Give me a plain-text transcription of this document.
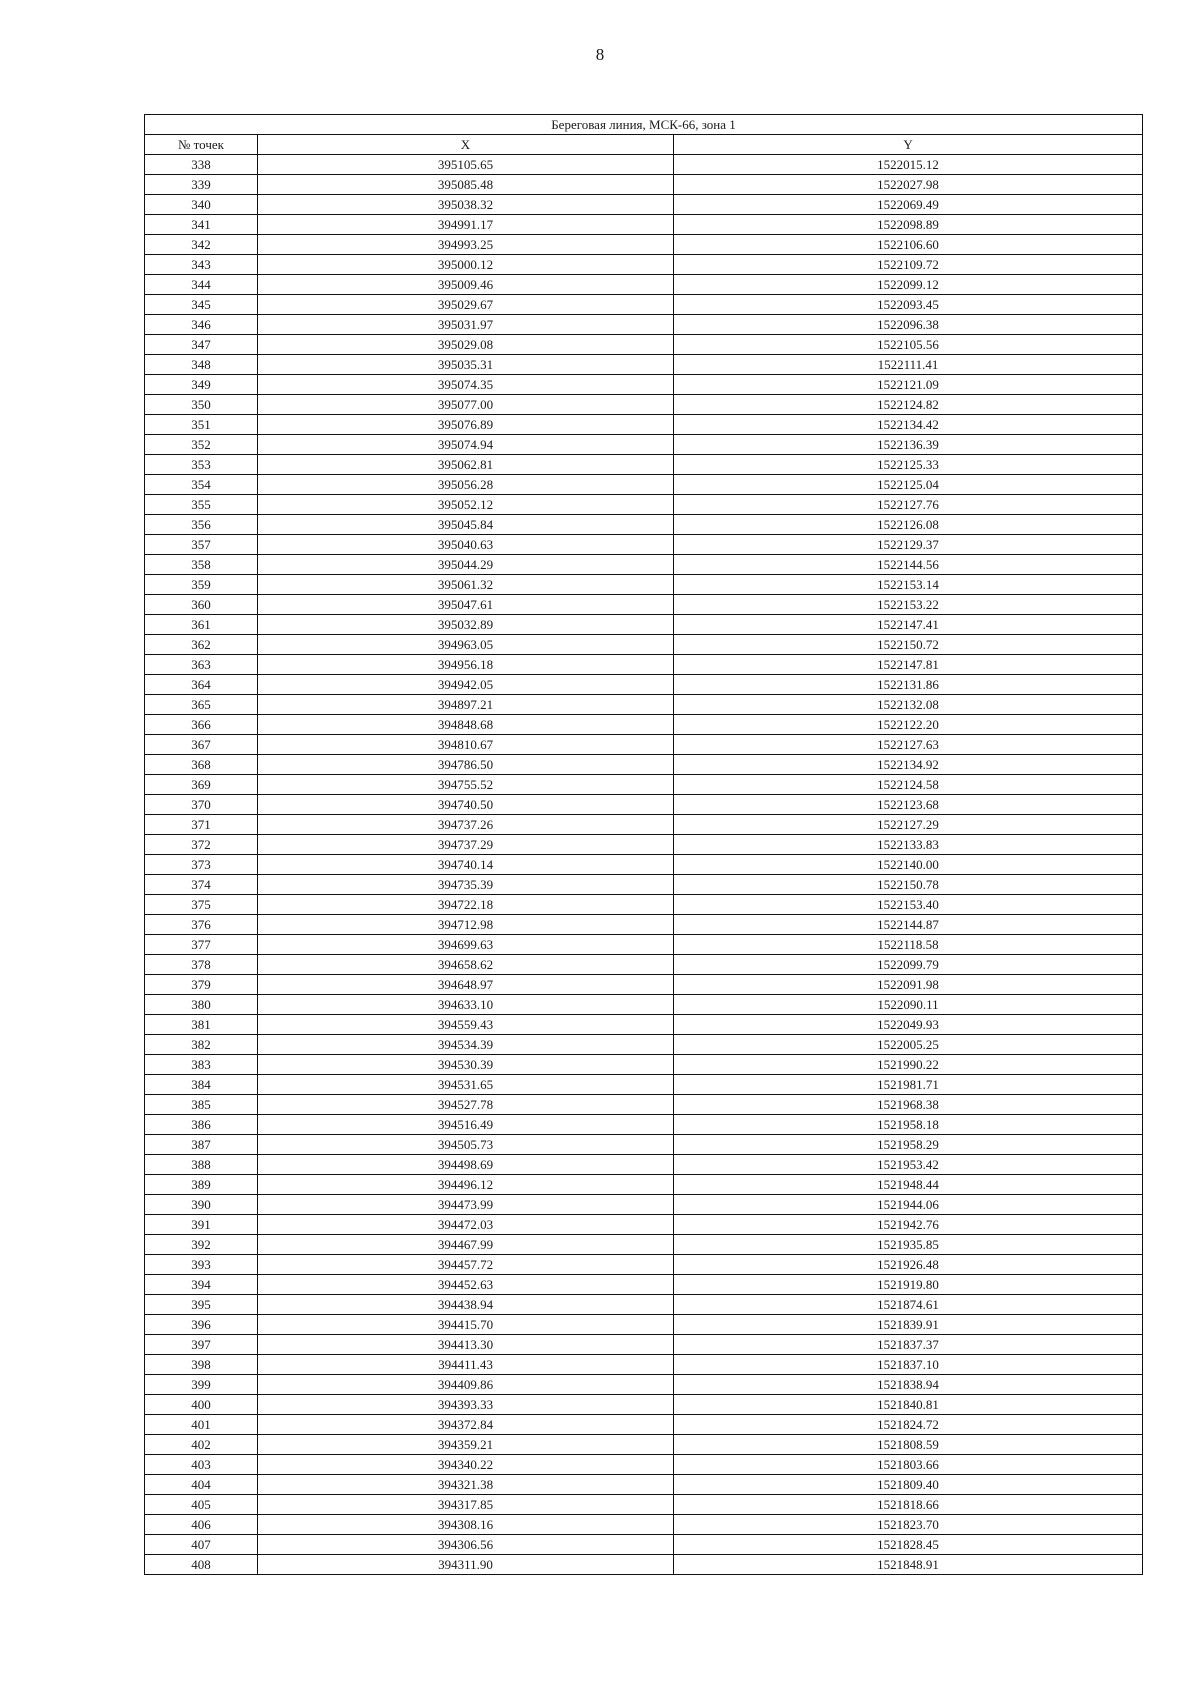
8
Береговая линия, МСК-66, зона 1		
№ точек	X	Y
338	395105.65	1522015.12
339	395085.48	1522027.98
340	395038.32	1522069.49
341	394991.17	1522098.89
342	394993.25	1522106.60
343	395000.12	1522109.72
344	395009.46	1522099.12
345	395029.67	1522093.45
346	395031.97	1522096.38
347	395029.08	1522105.56
348	395035.31	1522111.41
349	395074.35	1522121.09
350	395077.00	1522124.82
351	395076.89	1522134.42
352	395074.94	1522136.39
353	395062.81	1522125.33
354	395056.28	1522125.04
355	395052.12	1522127.76
356	395045.84	1522126.08
357	395040.63	1522129.37
358	395044.29	1522144.56
359	395061.32	1522153.14
360	395047.61	1522153.22
361	395032.89	1522147.41
362	394963.05	1522150.72
363	394956.18	1522147.81
364	394942.05	1522131.86
365	394897.21	1522132.08
366	394848.68	1522122.20
367	394810.67	1522127.63
368	394786.50	1522134.92
369	394755.52	1522124.58
370	394740.50	1522123.68
371	394737.26	1522127.29
372	394737.29	1522133.83
373	394740.14	1522140.00
374	394735.39	1522150.78
375	394722.18	1522153.40
376	394712.98	1522144.87
377	394699.63	1522118.58
378	394658.62	1522099.79
379	394648.97	1522091.98
380	394633.10	1522090.11
381	394559.43	1522049.93
382	394534.39	1522005.25
383	394530.39	1521990.22
384	394531.65	1521981.71
385	394527.78	1521968.38
386	394516.49	1521958.18
387	394505.73	1521958.29
388	394498.69	1521953.42
389	394496.12	1521948.44
390	394473.99	1521944.06
391	394472.03	1521942.76
392	394467.99	1521935.85
393	394457.72	1521926.48
394	394452.63	1521919.80
395	394438.94	1521874.61
396	394415.70	1521839.91
397	394413.30	1521837.37
398	394411.43	1521837.10
399	394409.86	1521838.94
400	394393.33	1521840.81
401	394372.84	1521824.72
402	394359.21	1521808.59
403	394340.22	1521803.66
404	394321.38	1521809.40
405	394317.85	1521818.66
406	394308.16	1521823.70
407	394306.56	1521828.45
408	394311.90	1521848.91
